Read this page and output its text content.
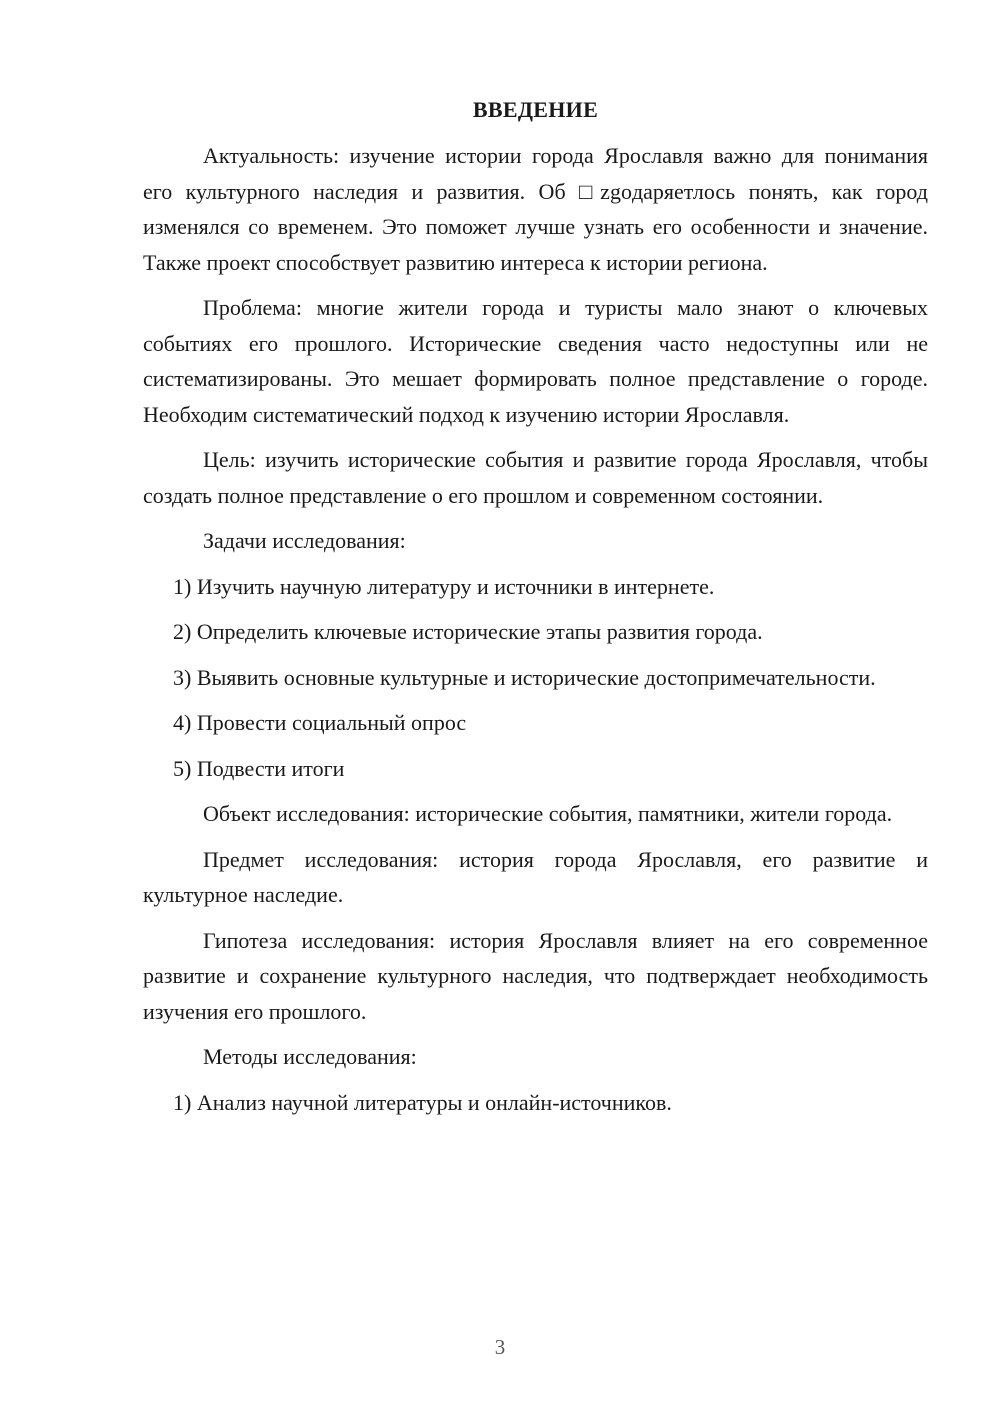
ВВЕДЕНИЕ

Актуальность: изучение истории города Ярославля важно для понимания его культурного наследия и развития. Об □zgoдаряетлось понять, как город изменялся со временем. Это поможет лучше узнать его особенности и значение. Также проект способствует развитию интереса к истории региона.

Проблема: многие жители города и туристы мало знают о ключевых событиях его прошлого. Исторические сведения часто недоступны или не систематизированы. Это мешает формировать полное представление о городе. Необходим систематический подход к изучению истории Ярославля.

Цель: изучить исторические события и развитие города Ярославля, чтобы создать полное представление о его прошлом и современном состоянии.

Задачи исследования:

1) Изучить научную литературу и источники в интернете.

2) Определить ключевые исторические этапы развития города.

3) Выявить основные культурные и исторические достопримечательности.

4) Провести социальный опрос

5) Подвести итоги

Объект исследования: исторические события, памятники, жители города.

Предмет исследования: история города Ярославля, его развитие и культурное наследие.

Гипотеза исследования: история Ярославля влияет на его современное развитие и сохранение культурного наследия, что подтверждает необходимость изучения его прошлого.

Методы исследования:

1) Анализ научной литературы и онлайн-источников.

3
